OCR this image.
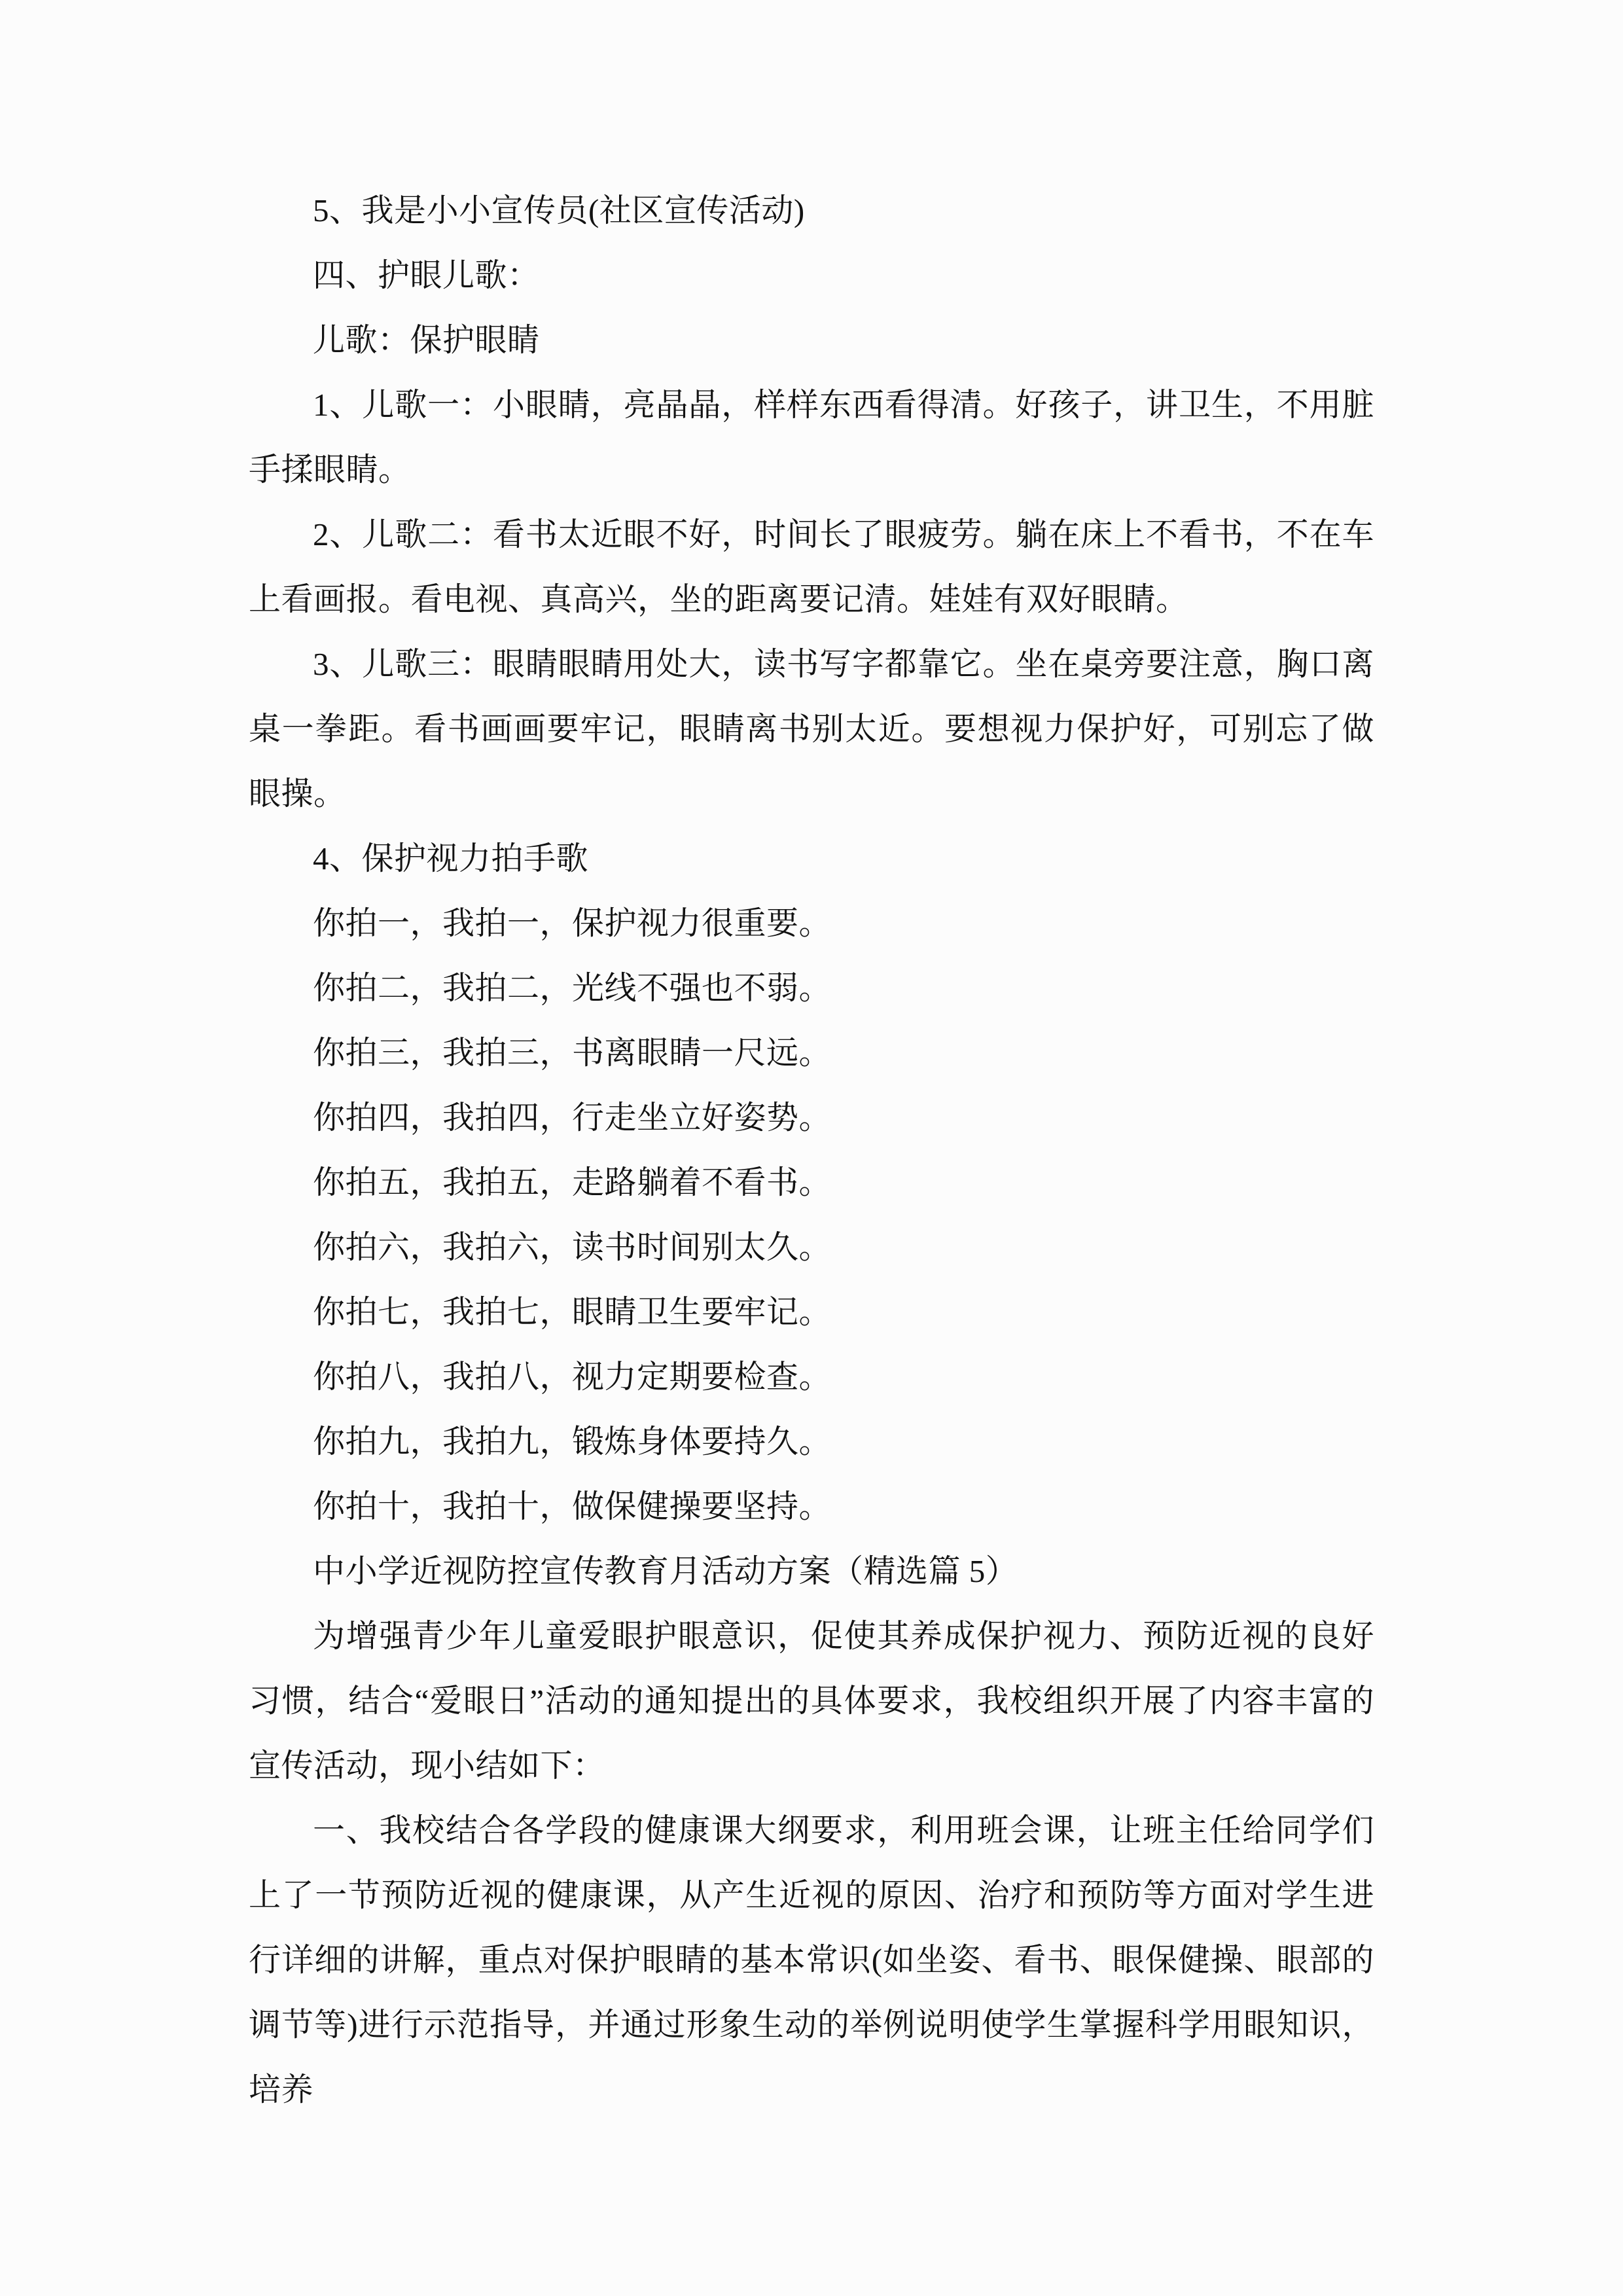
5、我是小小宣传员(社区宣传活动)

四、护眼儿歌：

儿歌：保护眼睛

1、儿歌一：小眼睛，亮晶晶，样样东西看得清。好孩子，讲卫生，不用脏手揉眼睛。

2、儿歌二：看书太近眼不好，时间长了眼疲劳。躺在床上不看书，不在车上看画报。看电视、真高兴，坐的距离要记清。娃娃有双好眼睛。

3、儿歌三：眼睛眼睛用处大，读书写字都靠它。坐在桌旁要注意，胸口离桌一拳距。看书画画要牢记，眼睛离书别太近。要想视力保护好，可别忘了做眼操。

4、保护视力拍手歌

你拍一，我拍一，保护视力很重要。

你拍二，我拍二，光线不强也不弱。

你拍三，我拍三，书离眼睛一尺远。

你拍四，我拍四，行走坐立好姿势。

你拍五，我拍五，走路躺着不看书。

你拍六，我拍六，读书时间别太久。

你拍七，我拍七，眼睛卫生要牢记。

你拍八，我拍八，视力定期要检查。

你拍九，我拍九，锻炼身体要持久。

你拍十，我拍十，做保健操要坚持。

中小学近视防控宣传教育月活动方案（精选篇 5）

为增强青少年儿童爱眼护眼意识，促使其养成保护视力、预防近视的良好习惯，结合“爱眼日”活动的通知提出的具体要求，我校组织开展了内容丰富的宣传活动，现小结如下：

一、我校结合各学段的健康课大纲要求，利用班会课，让班主任给同学们上了一节预防近视的健康课，从产生近视的原因、治疗和预防等方面对学生进行详细的讲解，重点对保护眼睛的基本常识(如坐姿、看书、眼保健操、眼部的调节等)进行示范指导，并通过形象生动的举例说明使学生掌握科学用眼知识，培养
